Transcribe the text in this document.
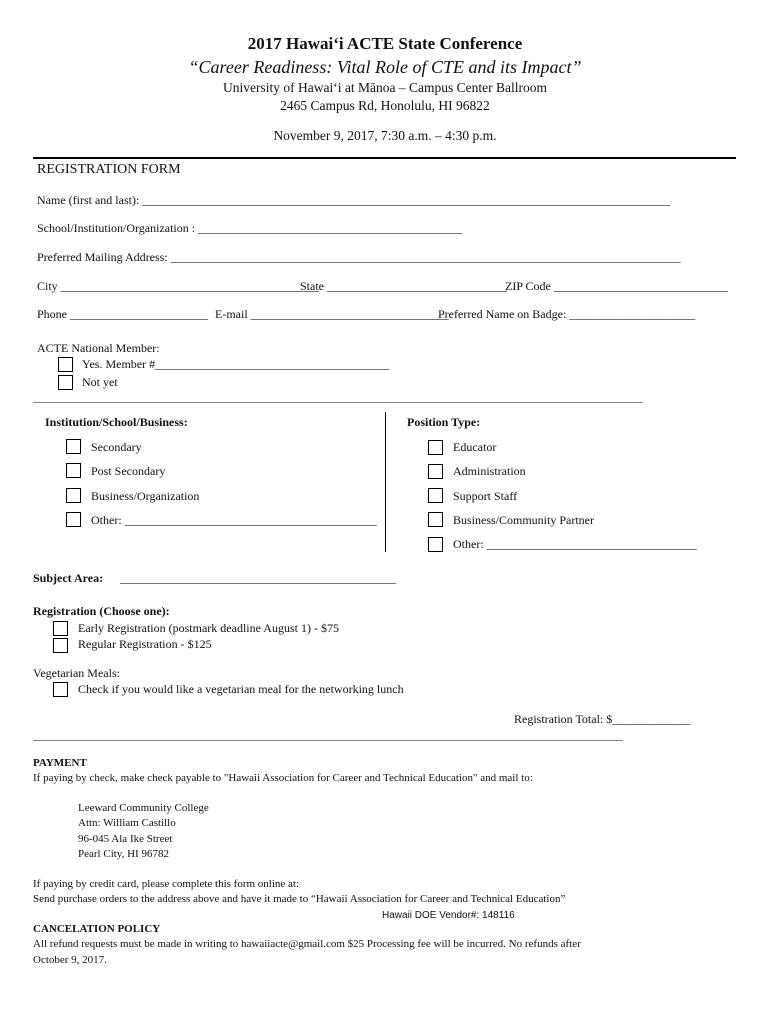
2017 Hawaiʻi ACTE State Conference
“Career Readiness: Vital Role of CTE and its Impact”
University of Hawaiʻi at Mānoa – Campus Center Ballroom
2465 Campus Rd, Honolulu, HI 96822
November 9, 2017, 7:30 a.m. – 4:30 p.m.
REGISTRATION FORM
Name (first and last): ________________________________________________________________________________________
School/Institution/Organization : ____________________________________________
Preferred Mailing Address: _____________________________________________________________________________________
City ___________________________________________
State ______________________________
ZIP Code _____________________________
Phone _______________________ E-mail _________________________________
Preferred Name on Badge: _____________________
ACTE National Member:
Yes. Member #_______________________________________
Not yet
__________________________________________________________________________________________________________________________
Institution/School/Business:
Secondary
Post Secondary
Business/Organization
Other: __________________________________________
Position Type:
Educator
Administration
Support Staff
Business/Community Partner
Other: ___________________________________
Subject Area: ______________________________________________
Registration (Choose one):
Early Registration (postmark deadline August 1) - $75
Regular Registration - $125
Vegetarian Meals:
Check if you would like a vegetarian meal for the networking lunch
Registration Total: $_____________
______________________________________________________________________________________________________________________
PAYMENT
If paying by check, make check payable to "Hawaii Association for Career and Technical Education" and mail to:
Leeward Community College
Attn: William Castillo
96-045 Ala Ike Street
Pearl City, HI 96782
If paying by credit card, please complete this form online at:
Send purchase orders to the address above and have it made to “Hawaii Association for Career and Technical Education”
Hawaii DOE Vendor#: 148116
CANCELATION POLICY
All refund requests must be made in writing to hawaiiacte@gmail.com $25 Processing fee will be incurred. No refunds after
October 9, 2017.
